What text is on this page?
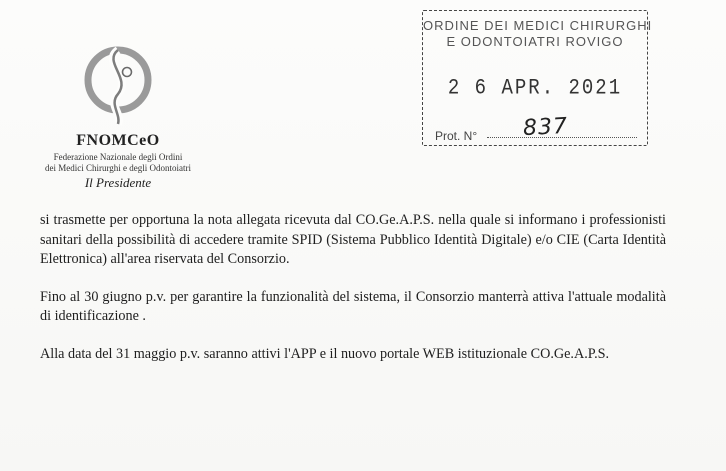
FNOMCeO
Federazione Nazionale degli Ordini
dei Medici Chirurghi e degli Odontoiatri
Il Presidente
ORDINE DEI MEDICI CHIRURGHI
E ODONTOIATRI ROVIGO
2 6 APR. 2021
Prot. N° 837

si trasmette per opportuna la nota allegata ricevuta dal CO.Ge.A.P.S. nella quale si informano i professionisti sanitari della possibilità di accedere tramite SPID (Sistema Pubblico Identità Digitale) e/o CIE (Carta Identità Elettronica) all'area riservata del Consorzio.

Fino al 30 giugno p.v. per garantire la funzionalità del sistema, il Consorzio manterrà attiva l'attuale modalità di identificazione .

Alla data del 31 maggio p.v. saranno attivi l'APP e il nuovo portale WEB istituzionale CO.Ge.A.P.S.
